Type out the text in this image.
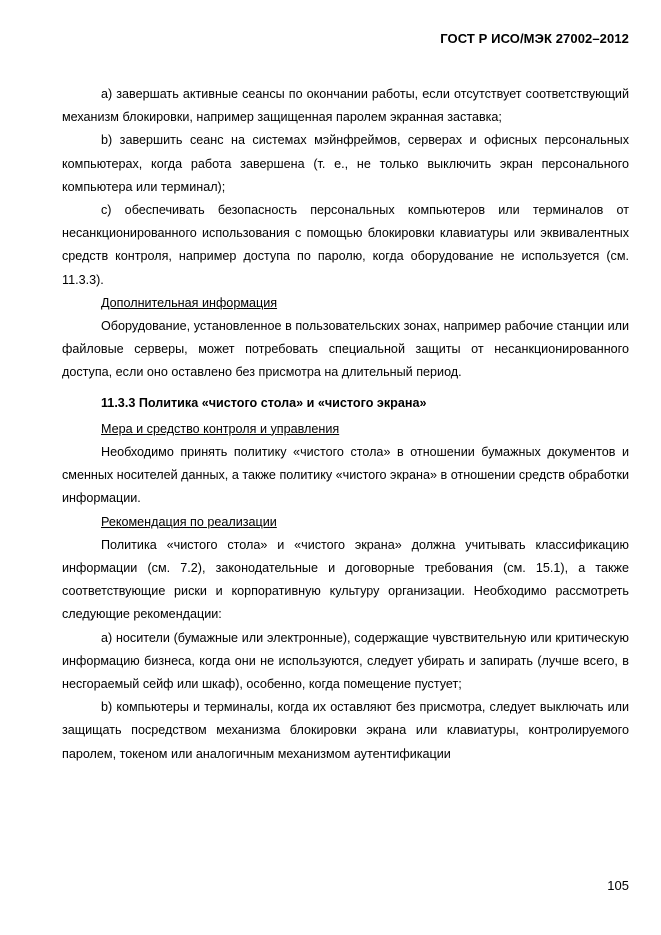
ГОСТ Р ИСО/МЭК 27002–2012

a) завершать активные сеансы по окончании работы, если отсутствует соответствующий механизм блокировки, например защищенная паролем экранная заставка;

b) завершить сеанс на системах мэйнфреймов, серверах и офисных персональных компьютерах, когда работа завершена (т. е., не только выключить экран персонального компьютера или терминал);

c) обеспечивать безопасность персональных компьютеров или терминалов от несанкционированного использования с помощью блокировки клавиатуры или эквивалентных средств контроля, например доступа по паролю, когда оборудование не используется (см. 11.3.3).

Дополнительная информация

Оборудование, установленное в пользовательских зонах, например рабочие станции или файловые серверы, может потребовать специальной защиты от несанкционированного доступа, если оно оставлено без присмотра на длительный период.

11.3.3 Политика «чистого стола» и «чистого экрана»

Мера и средство контроля и управления

Необходимо принять политику «чистого стола» в отношении бумажных документов и сменных носителей данных, а также политику «чистого экрана» в отношении средств обработки информации.

Рекомендация по реализации

Политика «чистого стола» и «чистого экрана» должна учитывать классификацию информации (см. 7.2), законодательные и договорные требования (см. 15.1), а также соответствующие риски и корпоративную культуру организации. Необходимо рассмотреть следующие рекомендации:

a) носители (бумажные или электронные), содержащие чувствительную или критическую информацию бизнеса, когда они не используются, следует убирать и запирать (лучше всего, в несгораемый сейф или шкаф), особенно, когда помещение пустует;

b) компьютеры и терминалы, когда их оставляют без присмотра, следует выключать или защищать посредством механизма блокировки экрана или клавиатуры, контролируемого паролем, токеном или аналогичным механизмом аутентификации

105
